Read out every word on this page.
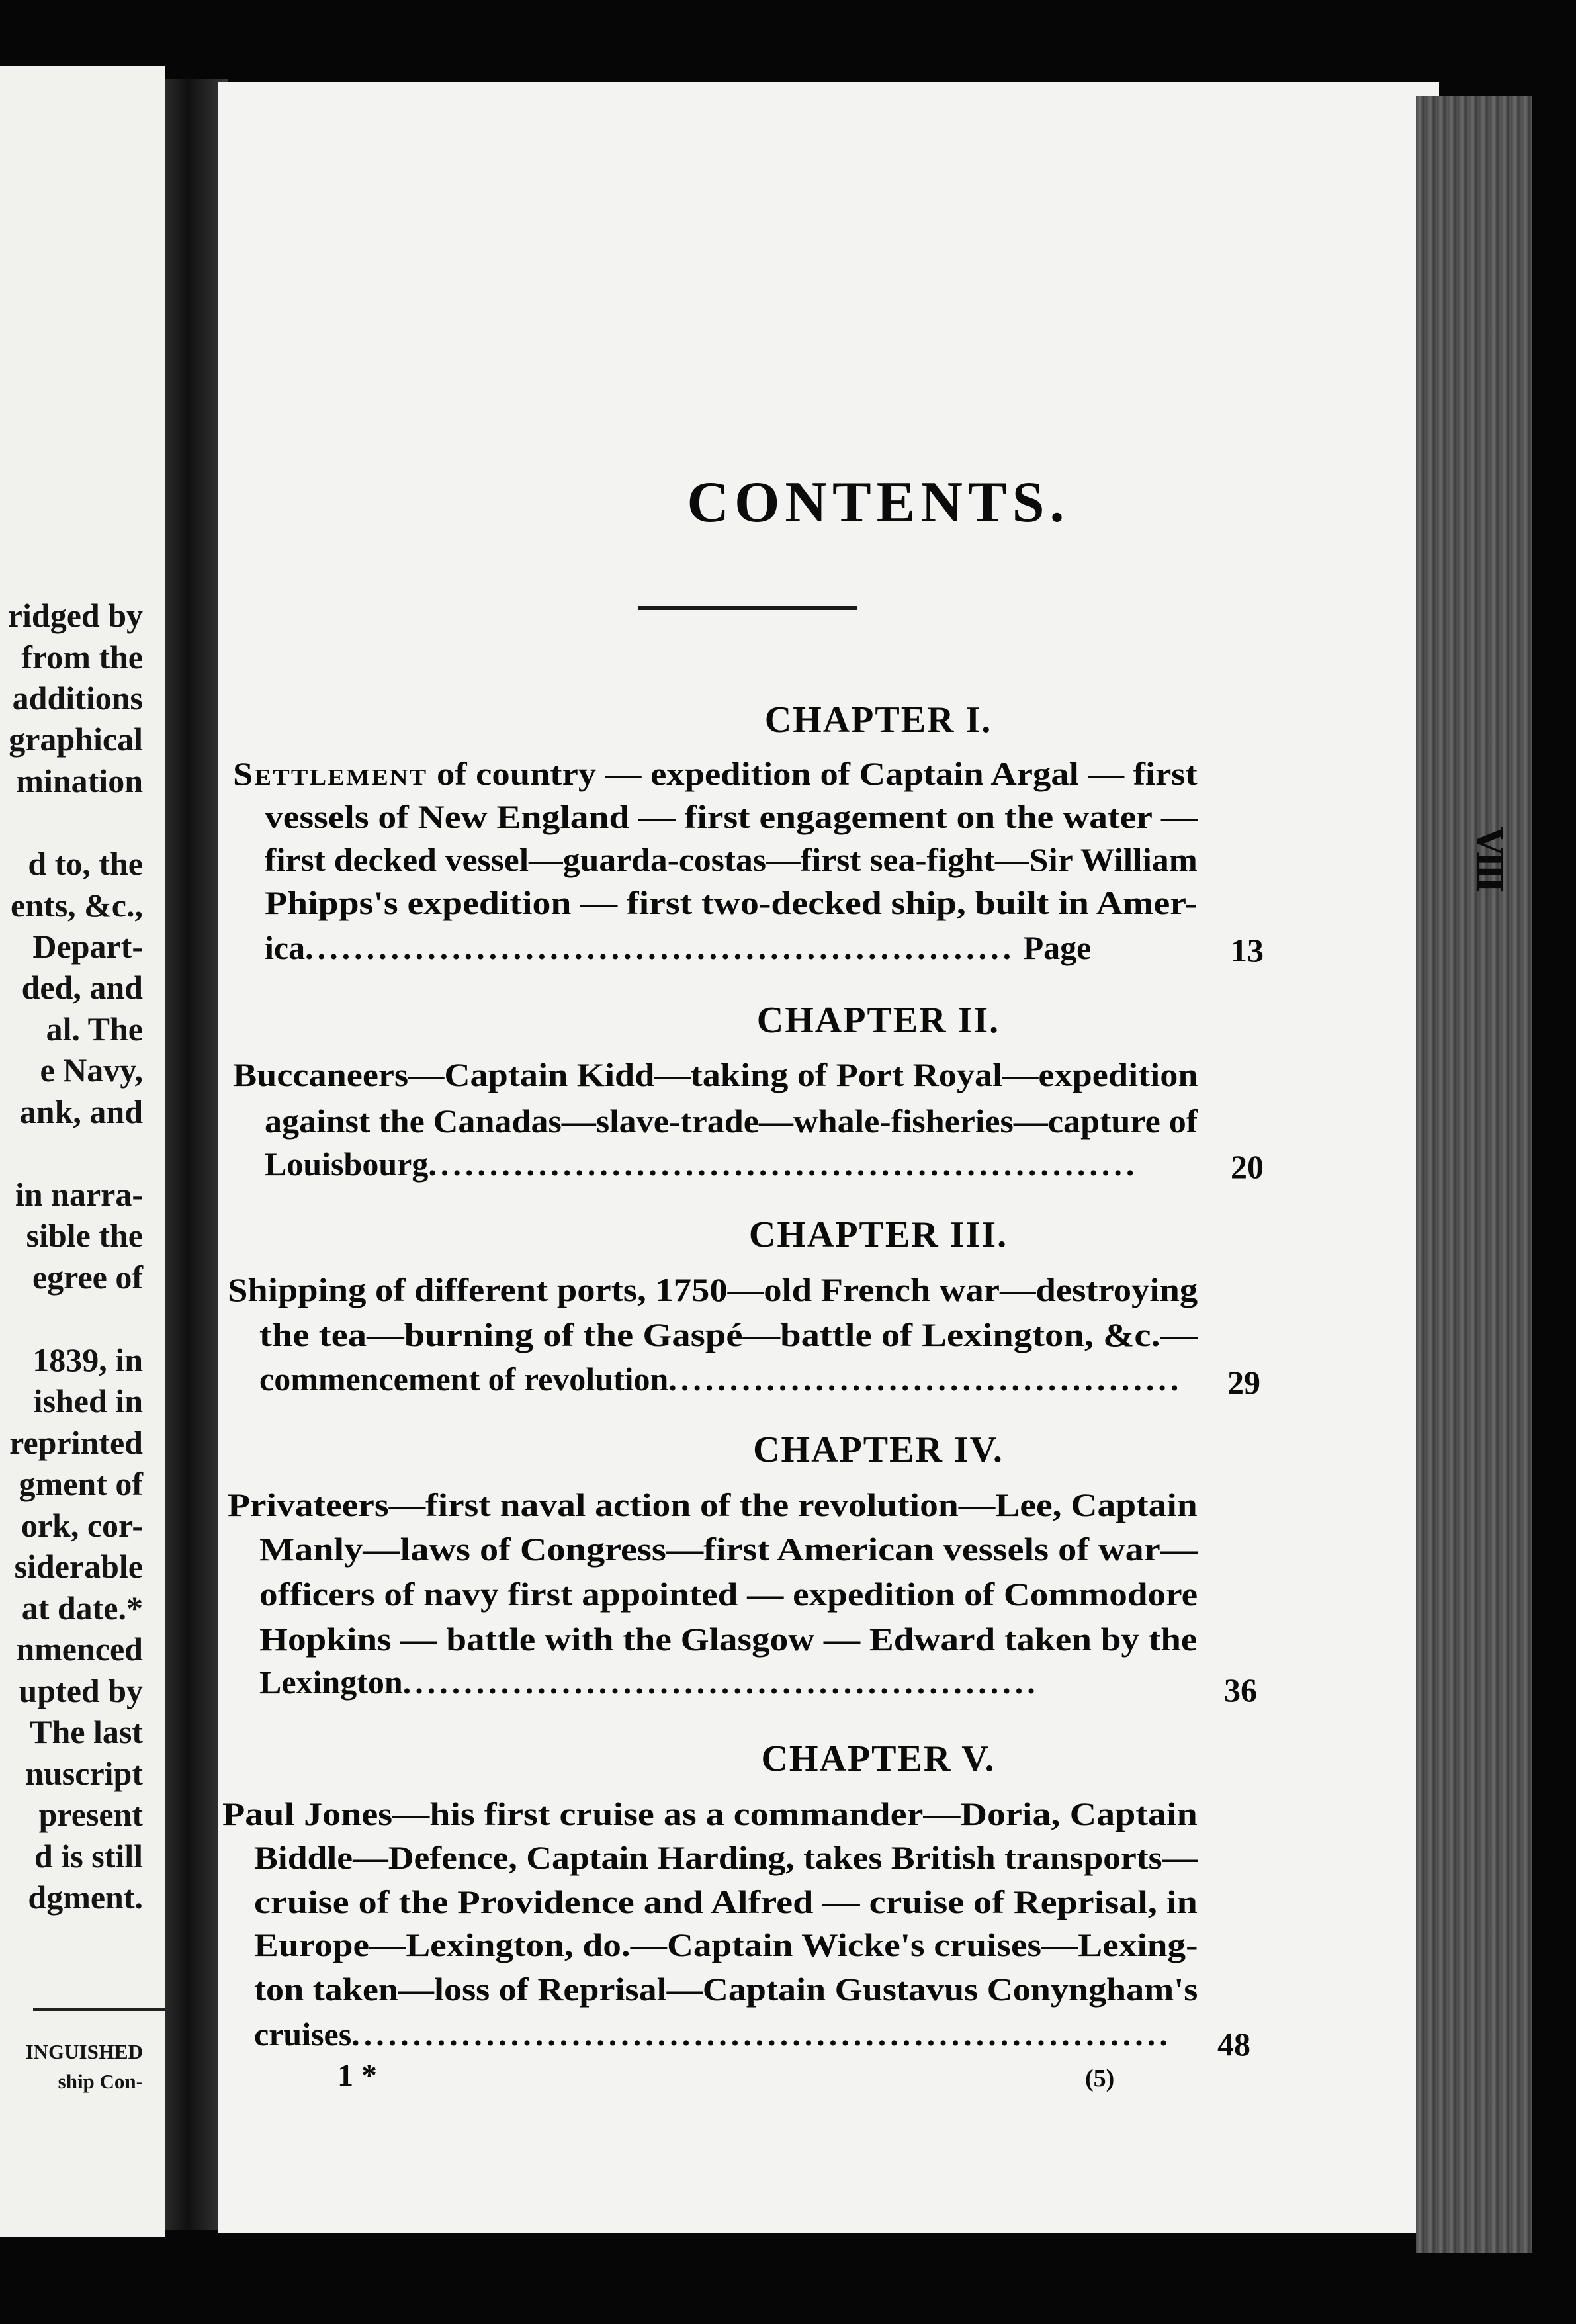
ridged by
from the
additions
graphical
mination
d to, the
ents, &c.,
Depart-
ded, and
al. The
e Navy,
ank, and
in narra-
sible the
egree of
1839, in
ished in
reprinted
gment of
ork, cor-
siderable
at date.*
nmenced
upted by
The last
nuscript
present
d is still
dgment.
INGUISHED
ship Con-
CONTENTS.
CHAPTER I.
Settlement of country — expedition of Captain Argal — first
vessels of New England — first engagement on the water —
first decked vessel—guarda-costas—first sea-fight—Sir William
Phipps's expedition — first two-decked ship, built in Amer-
ica.......................................................... Page	13
CHAPTER II.
Buccaneers—Captain Kidd—taking of Port Royal—expedition
against the Canadas—slave-trade—whale-fisheries—capture of
Louisbourg..........................................................	20
CHAPTER III.
Shipping of different ports, 1750—old French war—destroying
the tea—burning of the Gaspé—battle of Lexington, &c.—
commencement of revolution.......................................... 29
CHAPTER IV.
Privateers—first naval action of the revolution—Lee, Captain
Manly—laws of Congress—first American vessels of war—
officers of navy first appointed — expedition of Commodore
Hopkins — battle with the Glasgow — Edward taken by the
Lexington....................................................	36
CHAPTER V.
Paul Jones—his first cruise as a commander—Doria, Captain
Biddle—Defence, Captain Harding, takes British transports—
cruise of the Providence and Alfred — cruise of Reprisal, in
Europe—Lexington, do.—Captain Wicke's cruises—Lexing-
ton taken—loss of Reprisal—Captain Gustavus Conyngham's
cruises................................................................... 48
1 *	(5)
VIII
